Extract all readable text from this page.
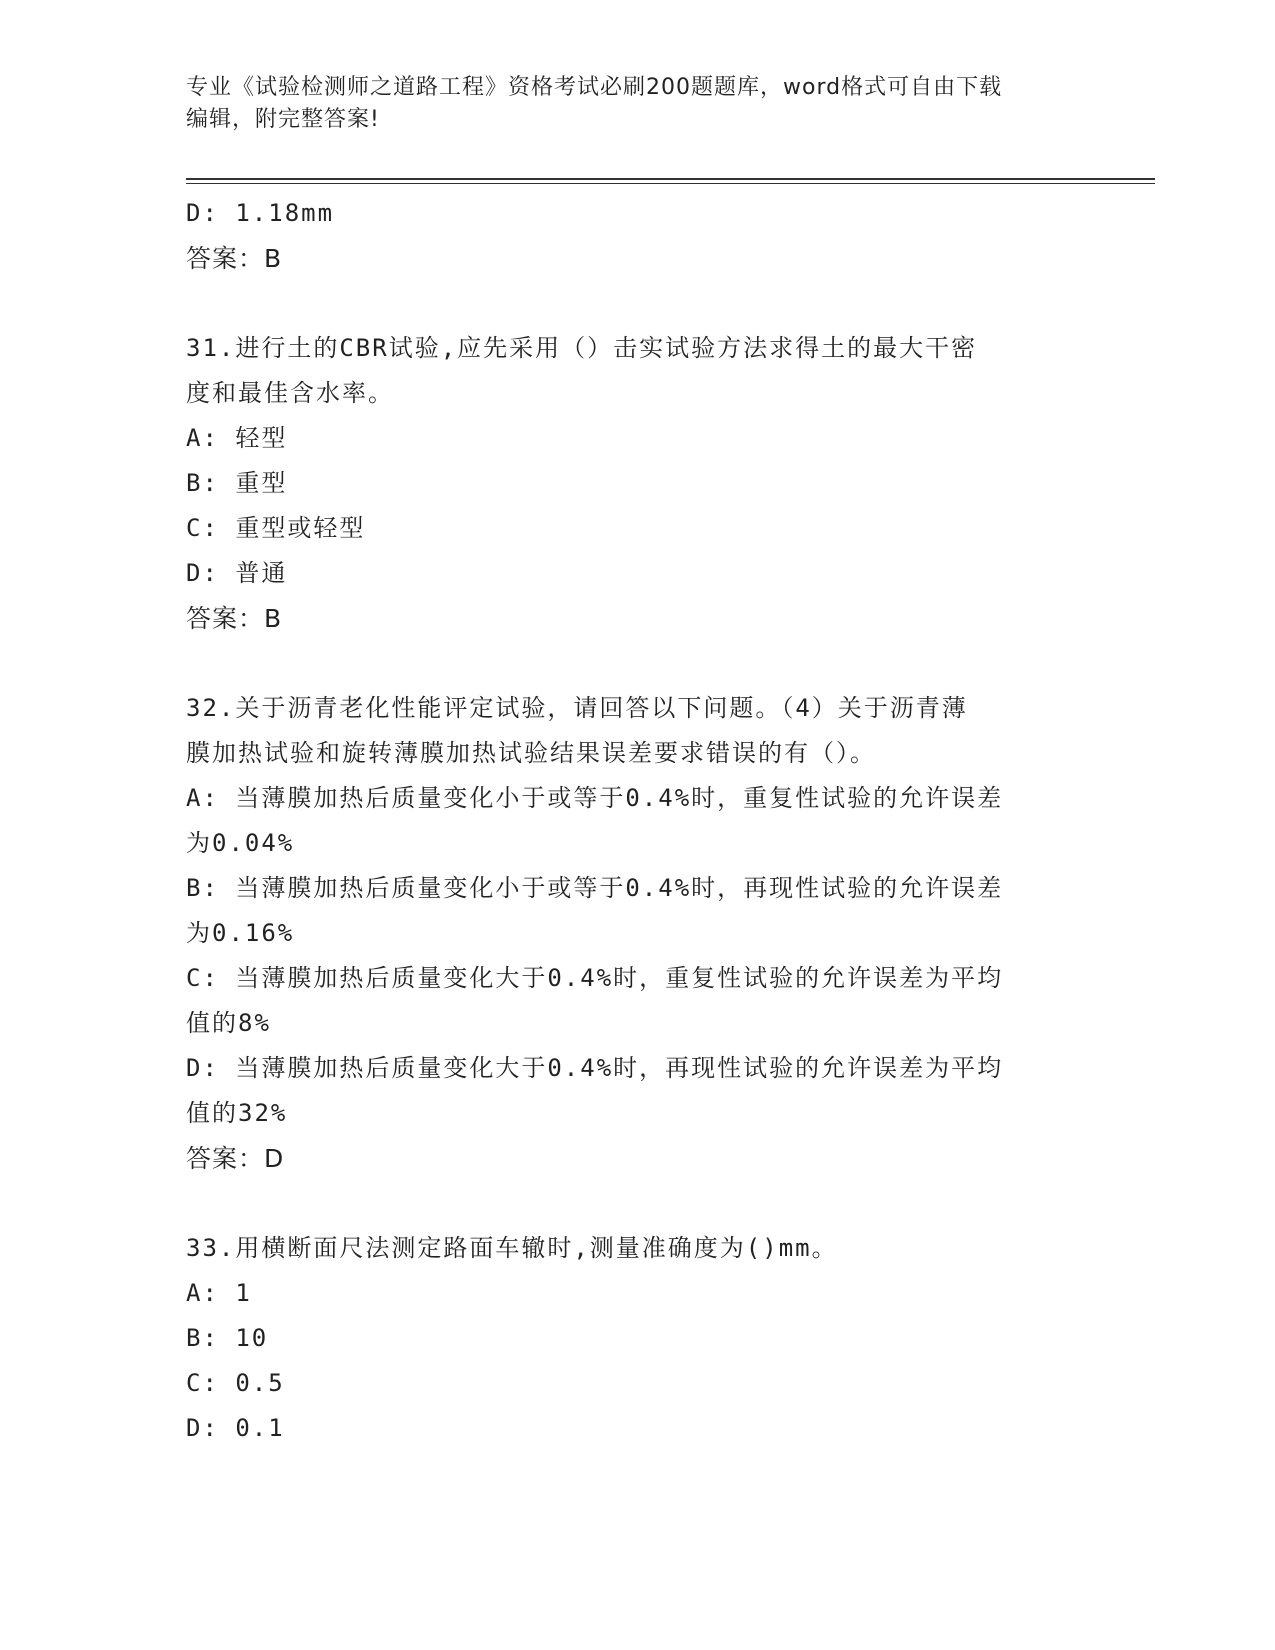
专业《试验检测师之道路工程》资格考试必刷200题题库，word格式可自由下载
编辑，附完整答案!
D: 1.18mm
答案：B
31.进行土的CBR试验,应先采用（）击实试验方法求得土的最大干密
度和最佳含水率。
A: 轻型
B: 重型
C: 重型或轻型
D: 普通
答案：B
32.关于沥青老化性能评定试验，请回答以下问题。（4）关于沥青薄
膜加热试验和旋转薄膜加热试验结果误差要求错误的有（）。
A: 当薄膜加热后质量变化小于或等于0.4%时，重复性试验的允许误差
为0.04%
B: 当薄膜加热后质量变化小于或等于0.4%时，再现性试验的允许误差
为0.16%
C: 当薄膜加热后质量变化大于0.4%时，重复性试验的允许误差为平均
值的8%
D: 当薄膜加热后质量变化大于0.4%时，再现性试验的允许误差为平均
值的32%
答案：D
33.用横断面尺法测定路面车辙时,测量准确度为()mm。
A: 1
B: 10
C: 0.5
D: 0.1
